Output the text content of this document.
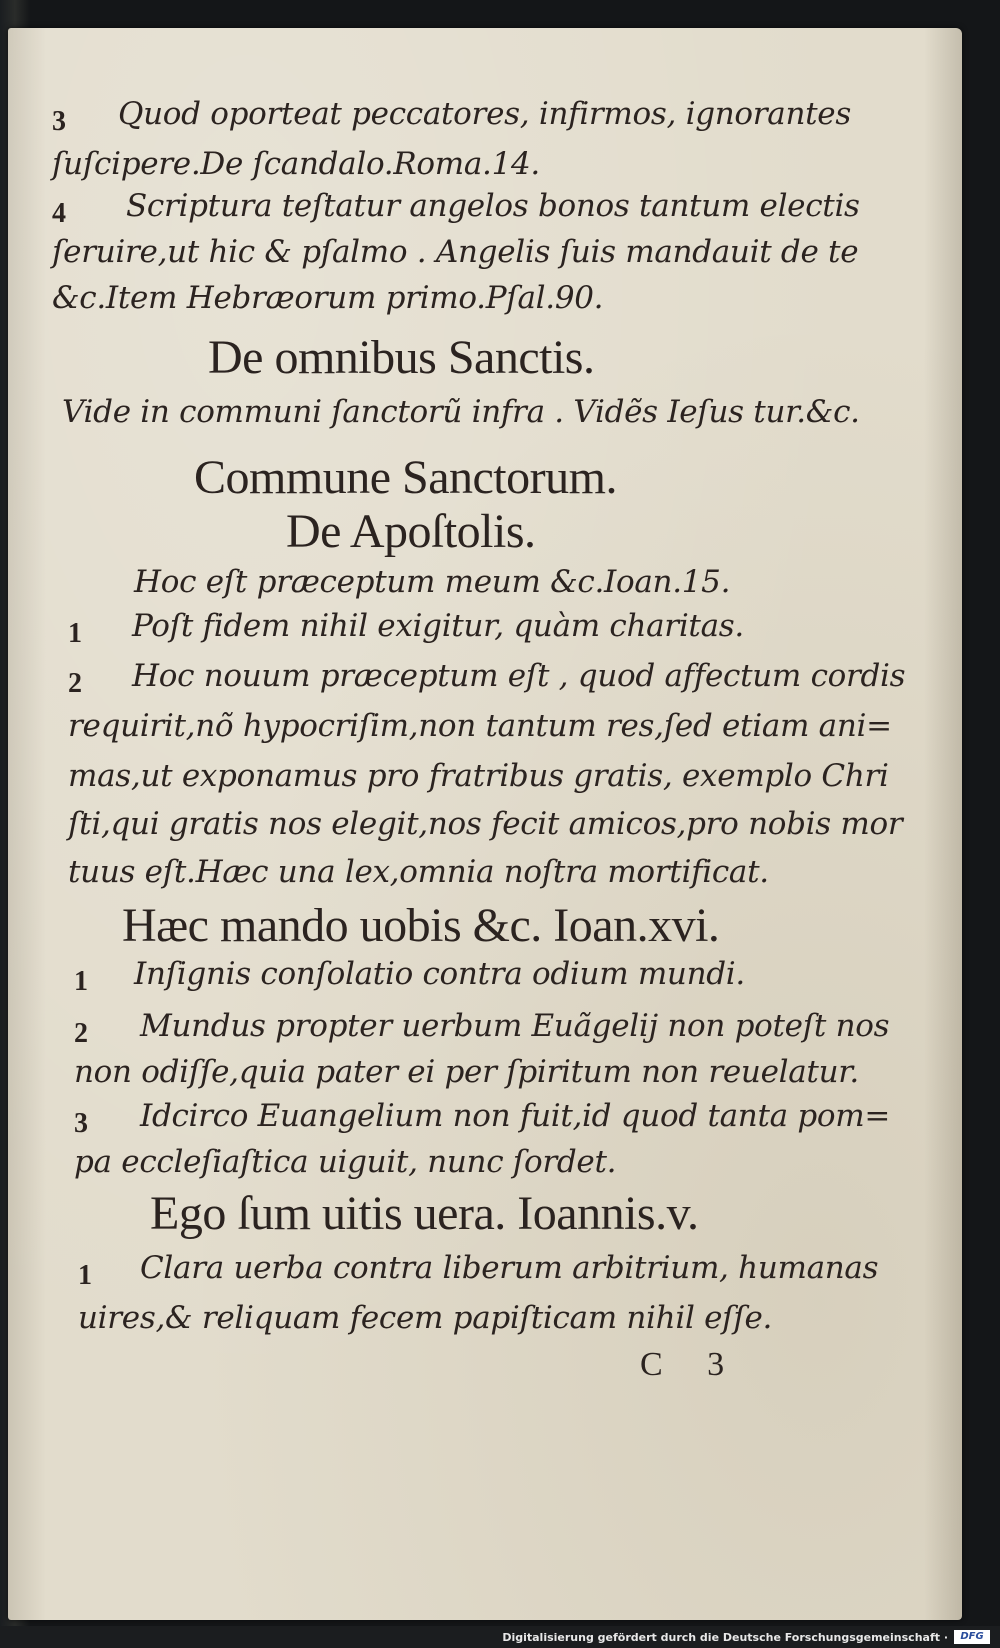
3 Quod oporteat peccatores, infirmos, ignorantes
ſuſcipere.De ſcandalo.Roma.14.
4 Scriptura teſtatur angelos bonos tantum electis
ſeruire,ut hic & pſalmo . Angelis ſuis mandauit de te
&c.Item Hebræorum primo.Pſal.90.
De omnibus Sanctis.
Vide in communi ſanctorũ infra . Vidẽs Ieſus tur.&c.
Commune Sanctorum.
De Apoſtolis.
Hoc eſt præceptum meum &c.Ioan.15.
1 Poſt fidem nihil exigitur, quàm charitas.
2 Hoc nouum præceptum eſt , quod affectum cordis
requirit,nõ hypocriſim,non tantum res,ſed etiam ani=
mas,ut exponamus pro fratribus gratis, exemplo Chri
ſti,qui gratis nos elegit,nos fecit amicos,pro nobis mor
tuus eſt.Hæc una lex,omnia noſtra mortificat.
Hæc mando uobis &c. Ioan.xvi.
1 Inſignis conſolatio contra odium mundi.
2 Mundus propter uerbum Euãgelij non poteſt nos
non odiſſe,quia pater ei per ſpiritum non reuelatur.
3 Idcirco Euangelium non fuit,id quod tanta pom=
pa eccleſiaſtica uiguit, nunc ſordet.
Ego ſum uitis uera. Ioannis.v.
1 Clara uerba contra liberum arbitrium, humanas
uires,& reliquam fecem papiſticam nihil eſſe.
C 3
Digitalisierung gefördert durch die Deutsche Forschungsgemeinschaft ·	DFG
